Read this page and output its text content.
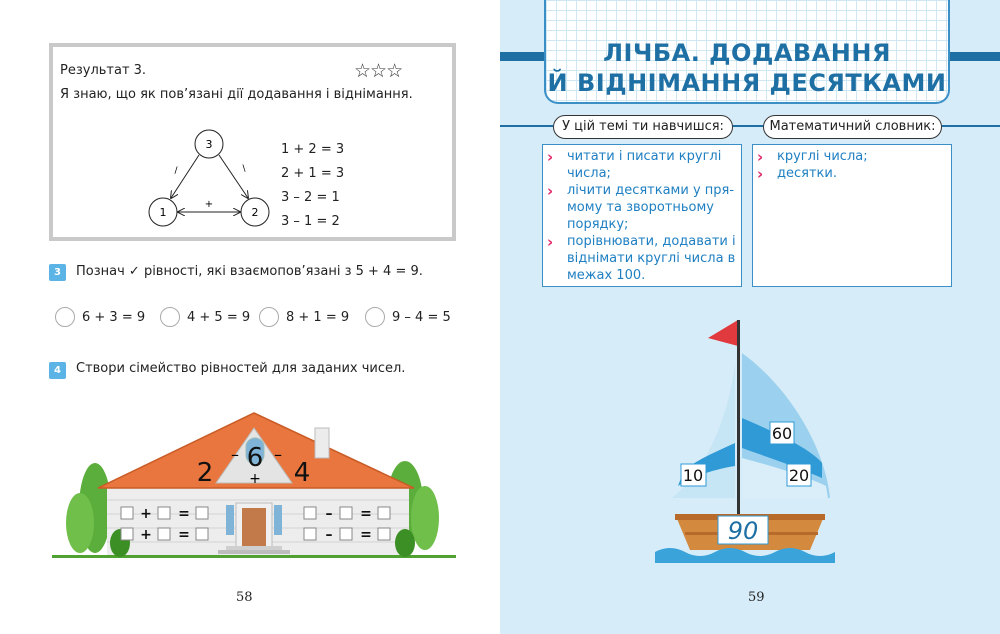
Результат 3.	☆☆☆
Я знаю, що як пов’язані дії додавання і віднімання.
3
1	2
+
/	\
1 + 2 = 3
2 + 1 = 3
3 – 2 = 1
3 – 1 = 2
3	Познач ✓ рівності, які взаємопов’язані з 5 + 4 = 9.
6 + 3 = 9	4 + 5 = 9	8 + 1 = 9	9 – 4 = 5
4	Створи сімейство рівностей для заданих чисел.
2 6 4
– –
+
+ =
+ =
– =
– =
58
ЛІЧБА. ДОДАВАННЯ
Й ВІДНІМАННЯ ДЕСЯТКАМИ
У цій темі ти навчишся:	Математичний словник:
› читати і писати круглі числа;
› лічити десятками у прямому та зворотньому порядку;
› порівнювати, додавати і віднімати круглі числа в межах 100.
› круглі числа;
› десятки.
60
10	20
90
59
